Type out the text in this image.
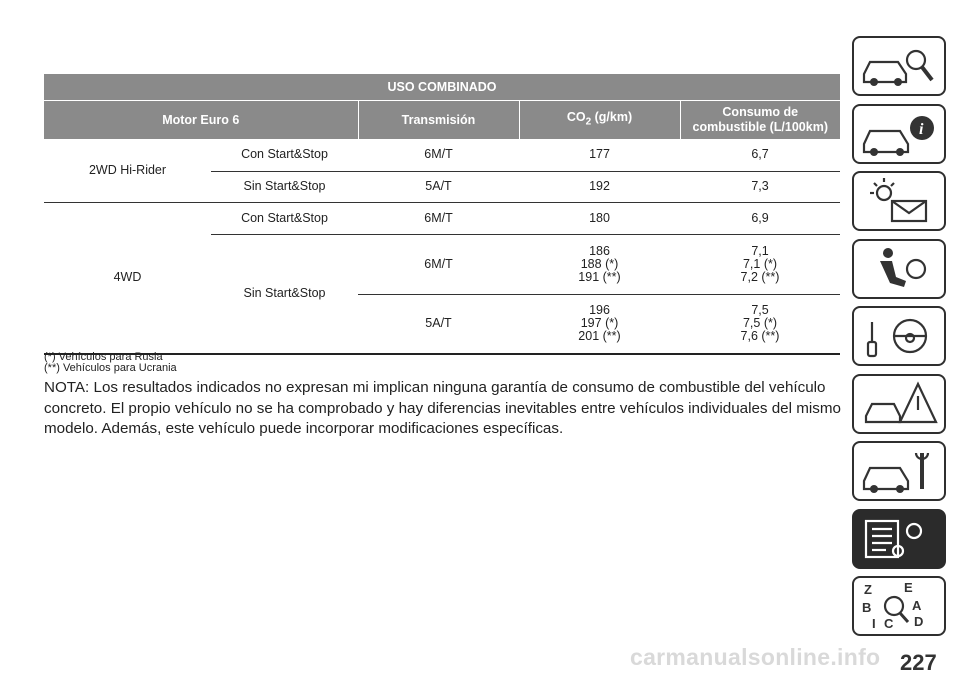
USO COMBINADO				
Motor Euro 6		Transmisión	$CO_2$ (g/km)	Consumo de
combustible (L/100km)

2WD Hi-Rider	Con Start&Stop	6M/T	177	6,7
	Sin Start&Stop	5A/T	192	7,3
4WD	Con Start&Stop	6M/T	180	6,9
	Sin Start&Stop	6M/T	186
188 (*)
191 (**)	7,1
7,1 (*)
7,2 (**)

		5A/T	196
197 (*)
201 (**)	7,5
7,5 (*)
7,6 (**)
(*) Vehículos para Rusia
(**) Vehículos para Ucrania
NOTA: Los resultados indicados no expresan mi implican ninguna garantía de consumo de combustible del vehículo concreto. El propio vehículo no se ha comprobado y hay diferencias inevitables entre vehículos individuales del mismo modelo. Además, este vehículo puede incorporar modificaciones específicas.
i
Z E
B	A
I C D
carmanualsonline.info 227
